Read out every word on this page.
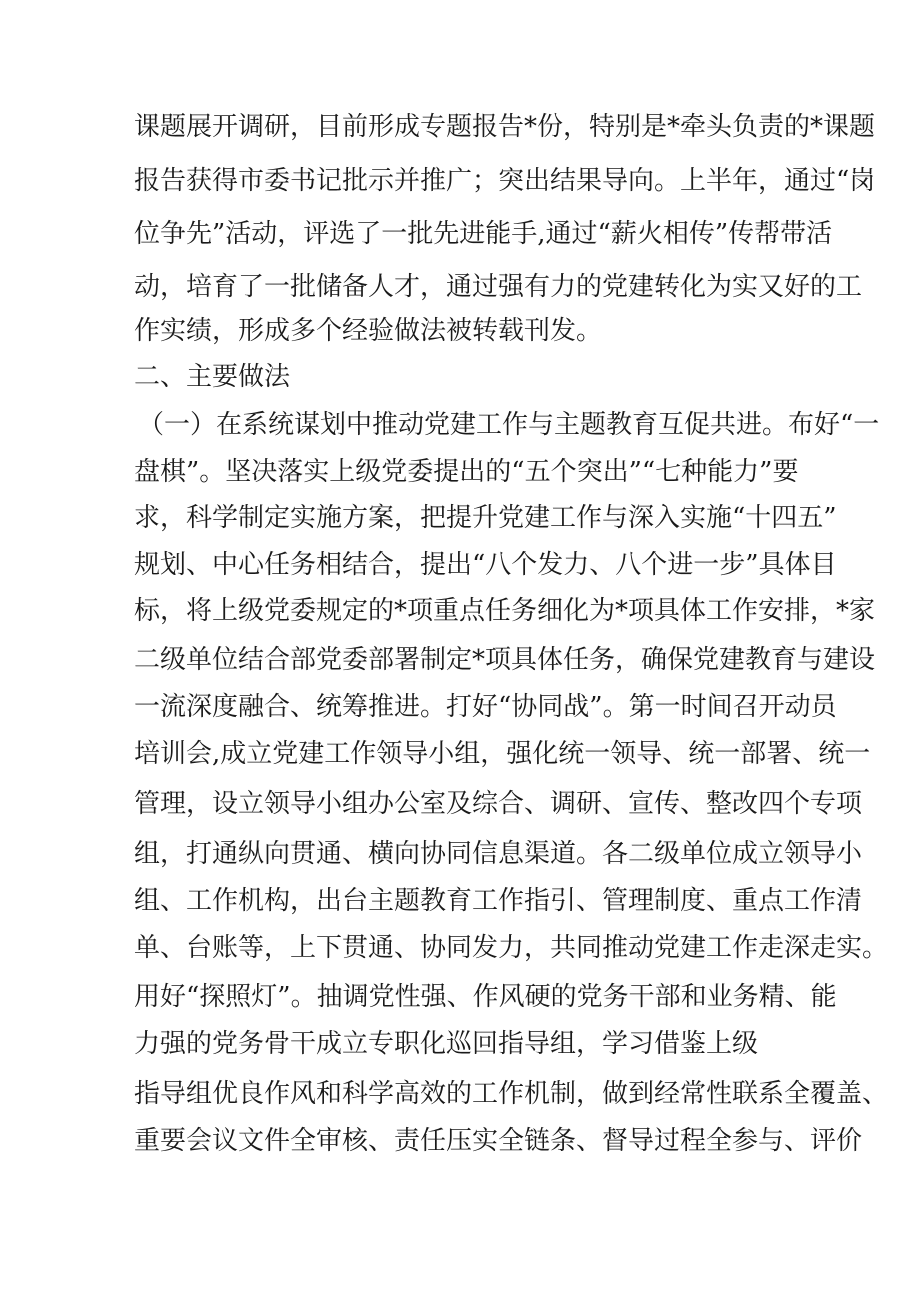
课题展开调研，目前形成专题报告*份，特别是*牵头负责的*课题

报告获得市委书记批示并推广；突出结果导向。上半年，通过“岗

位争先”活动，评选了一批先进能手,通过“薪火相传”传帮带活

动，培育了一批储备人才，通过强有力的党建转化为实又好的工

作实绩，形成多个经验做法被转载刊发。

二、主要做法

（一）在系统谋划中推动党建工作与主题教育互促共进。布好“一

盘棋”。坚决落实上级党委提出的“五个突出”“七种能力”要

求，科学制定实施方案，把提升党建工作与深入实施“十四五”

规划、中心任务相结合，提出“八个发力、八个进一步”具体目

标，将上级党委规定的*项重点任务细化为*项具体工作安排，*家

二级单位结合部党委部署制定*项具体任务，确保党建教育与建设

一流深度融合、统筹推进。打好“协同战”。第一时间召开动员

培训会,成立党建工作领导小组，强化统一领导、统一部署、统一

管理，设立领导小组办公室及综合、调研、宣传、整改四个专项

组，打通纵向贯通、横向协同信息渠道。各二级单位成立领导小

组、工作机构，出台主题教育工作指引、管理制度、重点工作清

单、台账等，上下贯通、协同发力，共同推动党建工作走深走实。

用好“探照灯”。抽调党性强、作风硬的党务干部和业务精、能

力强的党务骨干成立专职化巡回指导组，学习借鉴上级

指导组优良作风和科学高效的工作机制，做到经常性联系全覆盖、

重要会议文件全审核、责任压实全链条、督导过程全参与、评价
